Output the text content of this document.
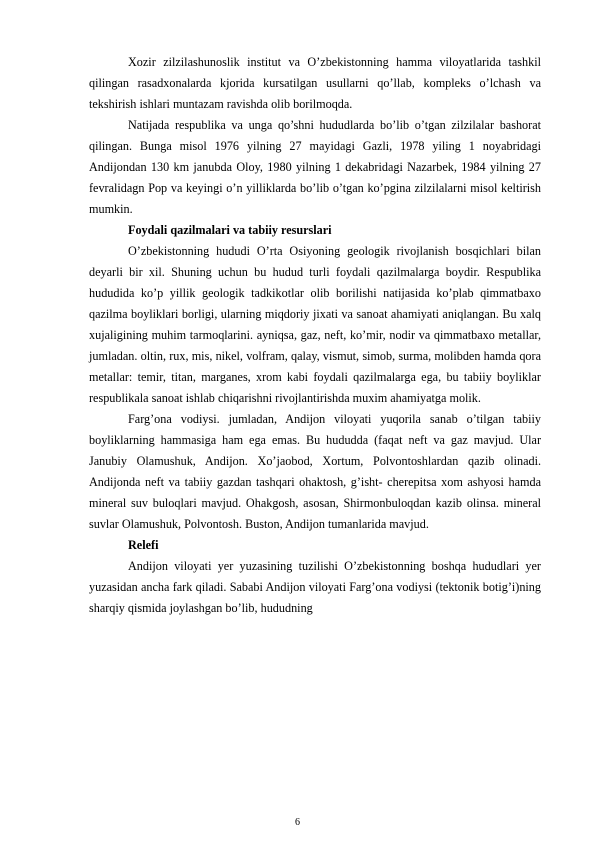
Xozir zilzilashunoslik institut va O’zbekistonning hamma viloyatlarida tashkil qilingan rasadxonalarda kjorida kursatilgan usullarni qo’llab, kompleks o’lchash va tekshirish ishlari muntazam ravishda olib borilmoqda.

Natijada respublika va unga qo’shni hududlarda bo’lib o’tgan zilzilalar bashorat qilingan. Bunga misol 1976 yilning 27 mayidagi Gazli, 1978 yiling 1 noyabridagi Andijondan 130 km janubda Oloy, 1980 yilning 1 dekabridagi Nazarbek, 1984 yilning 27 fevralidagn Pop va keyingi o’n yilliklarda bo’lib o’tgan ko’pgina zilzilalarni misol keltirish mumkin.

Foydali qazilmalari va tabiiy resurslari

O’zbekistonning hududi O’rta Osiyoning geologik rivojlanish bosqichlari bilan deyarli bir xil. Shuning uchun bu hudud turli foydali qazilmalarga boydir. Respublika hududida ko’p yillik geologik tadkikotlar olib borilishi natijasida ko’plab qimmatbaxo qazilma boyliklari borligi, ularning miqdoriy jixati va sanoat ahamiyati aniqlangan. Bu xalq xujaligining muhim tarmoqlarini. ayniqsa, gaz, neft, ko’mir, nodir va qimmatbaxo metallar, jumladan. oltin, rux, mis, nikel, volfram, qalay, vismut, simob, surma, molibden hamda qora metallar: temir, titan, marganes, xrom kabi foydali qazilmalarga ega, bu tabiiy boyliklar respublikala sanoat ishlab chiqarishni rivojlantirishda muxim ahamiyatga molik.

Farg’ona vodiysi. jumladan, Andijon viloyati yuqorila sanab o’tilgan tabiiy boyliklarning hammasiga ham ega emas. Bu hududda (faqat neft va gaz mavjud. Ular Janubiy Olamushuk, Andijon. Xo’jaobod, Xortum, Polvontoshlardan qazib olinadi. Andijonda neft va tabiiy gazdan tashqari ohaktosh, g’isht- cherepitsa xom ashyosi hamda mineral suv buloqlari mavjud. Ohakgosh, asosan, Shirmonbuloqdan kazib olinsa. mineral suvlar Olamushuk, Polvontosh. Buston, Andijon tumanlarida mavjud.

Relefi

Andijon viloyati yer yuzasining tuzilishi O’zbekistonning boshqa hududlari yer yuzasidan ancha fark qiladi. Sababi Andijon viloyati Farg’ona vodiysi (tektonik botig’i)ning sharqiy qismida joylashgan bo’lib, hududning

6
